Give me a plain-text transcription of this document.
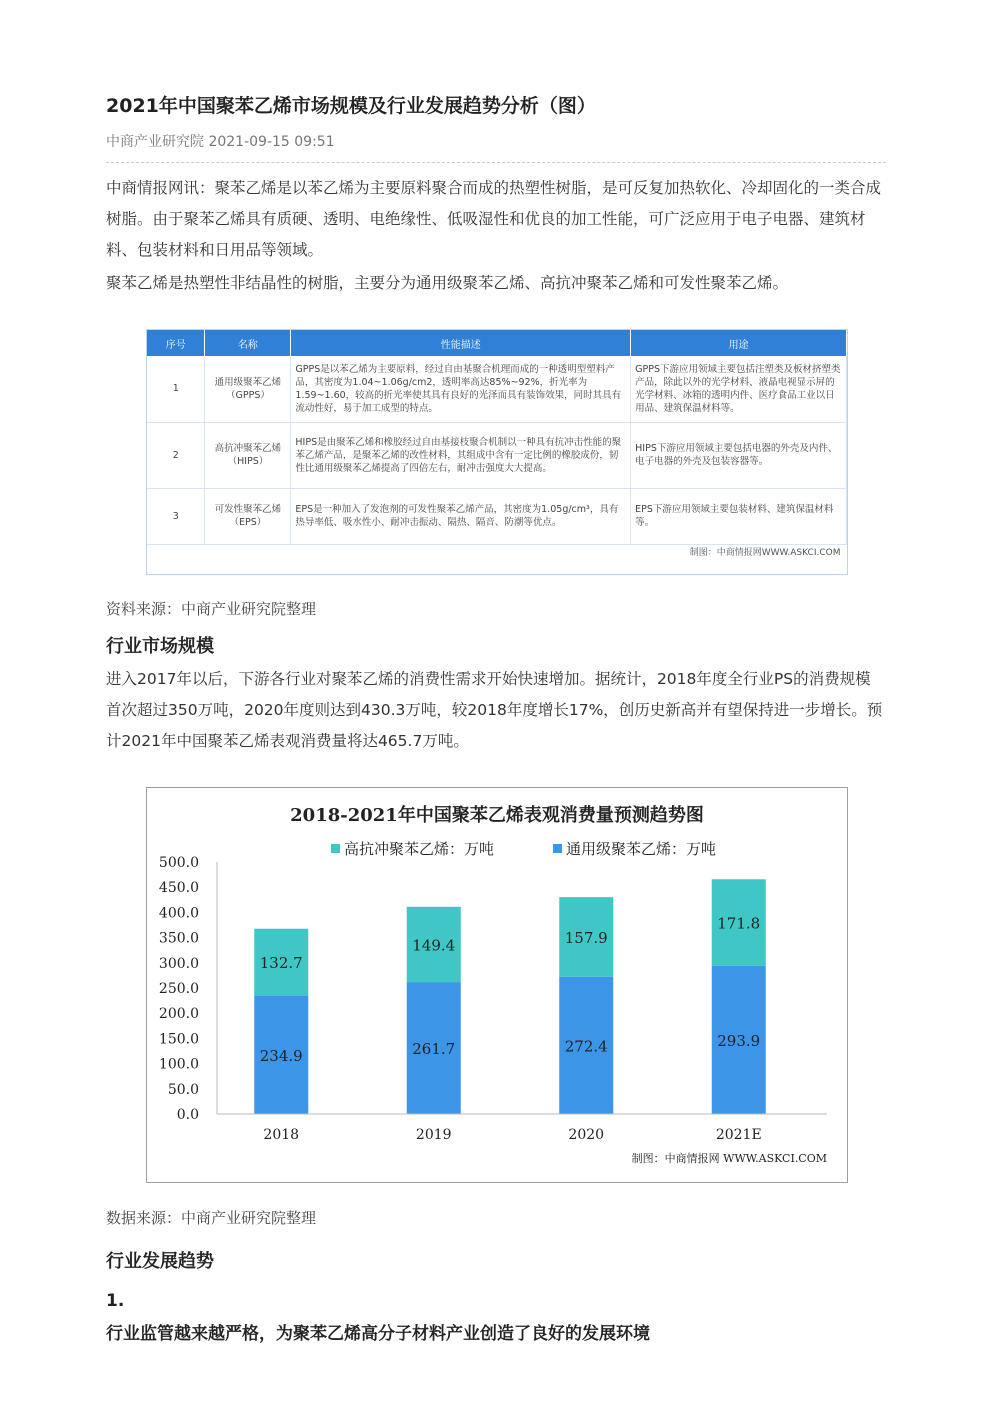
2021年中国聚苯乙烯市场规模及行业发展趋势分析（图）
中商产业研究院 2021-09-15 09:51

中商情报网讯：聚苯乙烯是以苯乙烯为主要原料聚合而成的热塑性树脂，是可反复加热软化、冷却固化的一类合成树脂。由于聚苯乙烯具有质硬、透明、电绝缘性、低吸湿性和优良的加工性能，可广泛应用于电子电器、建筑材料、包装材料和日用品等领域。

聚苯乙烯是热塑性非结晶性的树脂，主要分为通用级聚苯乙烯、高抗冲聚苯乙烯和可发性聚苯乙烯。

序号	名称	性能描述	用途
1	通用级聚苯乙烯（GPPS）	GPPS是以苯乙烯为主要原料，经过自由基聚合机理而成的一种透明型塑料产品，其密度为1.04~1.06g/cm2，透明率高达85%~92%，折光率为1.59~1.60，较高的折光率使其具有良好的光泽而具有装饰效果，同时其具有流动性好，易于加工成型的特点。	GPPS下游应用领域主要包括注塑类及板材挤塑类产品，除此以外的光学材料、液晶电视显示屏的光学材料、冰箱的透明内件、医疗食品工业以日用品、建筑保温材料等。
2	高抗冲聚苯乙烯（HIPS）	HIPS是由聚苯乙烯和橡胶经过自由基接枝聚合机制以一种具有抗冲击性能的聚苯乙烯产品，是聚苯乙烯的改性材料，其组成中含有一定比例的橡胶成份，韧性比通用级聚苯乙烯提高了四倍左右，耐冲击强度大大提高。	HIPS下游应用领域主要包括电器的外壳及内件、电子电器的外壳及包装容器等。
3	可发性聚苯乙烯（EPS）	EPS是一种加入了发泡剂的可发性聚苯乙烯产品，其密度为1.05g/cm³，具有热导率低、吸水性小、耐冲击振动、隔热、隔音、防潮等优点。	EPS下游应用领域主要包装材料、建筑保温材料等。
制图：中商情报网WWW.ASKCI.COM			
资料来源：中商产业研究院整理
行业市场规模

进入2017年以后，下游各行业对聚苯乙烯的消费性需求开始快速增加。据统计，2018年度全行业PS的消费规模首次超过350万吨，2020年度则达到430.3万吨，较2018年度增长17%，创历史新高并有望保持进一步增长。预计2021年中国聚苯乙烯表观消费量将达465.7万吨。

2018-2021年中国聚苯乙烯表观消费量预测趋势图
高抗冲聚苯乙烯：万吨	通用级聚苯乙烯：万吨
0.0
50.0
100.0
150.0
200.0
250.0
300.0
350.0
400.0
450.0
500.0
234.9
132.7
261.7
149.4
272.4
157.9
293.9
171.8
2018	2019	2020	2021E
制图：中商情报网 WWW.ASKCI.COM
数据来源：中商产业研究院整理
行业发展趋势
1.
行业监管越来越严格，为聚苯乙烯高分子材料产业创造了良好的发展环境
